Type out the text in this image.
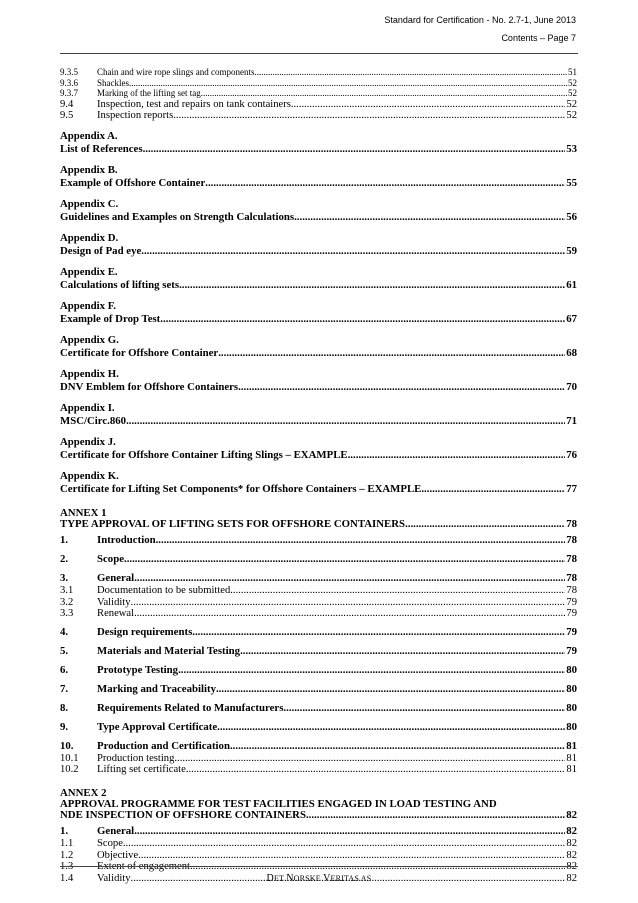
Standard for Certification - No. 2.7-1, June 2013
Contents – Page 7
9.3.5	Chain and wire rope slings and components .....	51
9.3.6	Shackles .....	52
9.3.7	Marking of the lifting set tag .....	52
9.4	Inspection, test and repairs on tank containers .....	52
9.5	Inspection reports .....	52
Appendix A.
List of References .....	53
Appendix B.
Example of Offshore Container .....	55
Appendix C.
Guidelines and Examples on Strength Calculations .....	56
Appendix D.
Design of Pad eye .....	59
Appendix E.
Calculations of lifting sets .....	61
Appendix F.
Example of Drop Test .....	67
Appendix G.
Certificate for Offshore Container .....	68
Appendix H.
DNV Emblem for Offshore Containers .....	70
Appendix I.
MSC/Circ.860 .....	71
Appendix J.
Certificate for Offshore Container Lifting Slings – EXAMPLE .....	76
Appendix K.
Certificate for Lifting Set Components* for Offshore Containers – EXAMPLE .....	77
ANNEX 1
TYPE APPROVAL OF LIFTING SETS FOR OFFSHORE CONTAINERS .....	78
1.	Introduction .....	78
2.	Scope .....	78
3.	General .....	78
3.1	Documentation to be submitted .....	78
3.2	Validity .....	79
3.3	Renewal .....	79
4.	Design requirements .....	79
5.	Materials and Material Testing .....	79
6.	Prototype Testing .....	80
7.	Marking and Traceability .....	80
8.	Requirements Related to Manufacturers .....	80
9.	Type Approval Certificate .....	80
10.	Production and Certification .....	81
10.1	Production testing .....	81
10.2	Lifting set certificate .....	81
ANNEX 2
APPROVAL PROGRAMME FOR TEST FACILITIES ENGAGED IN LOAD TESTING AND
NDE INSPECTION OF OFFSHORE CONTAINERS .....	82
1.	General .....	82
1.1	Scope .....	82
1.2	Objective .....	82
1.3	Extent of engagement .....	82
1.4	Validity .....	82
DET NORSKE VERITAS AS
